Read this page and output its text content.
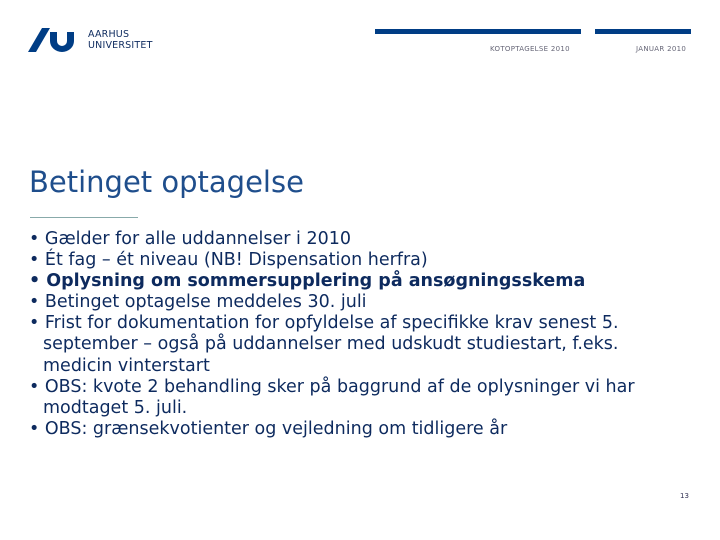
AARHUS
UNIVERSITET	KOTOPTAGELSE 2010	JANUAR 2010
Betinget optagelse
• Gælder for alle uddannelser i 2010
• Ét fag – ét niveau (NB! Dispensation herfra)
• Oplysning om sommersupplering på ansøgningsskema
• Betinget optagelse meddeles 30. juli
• Frist for dokumentation for opfyldelse af specifikke krav senest 5. september – også på uddannelser med udskudt studiestart, f.eks. medicin vinterstart
• OBS: kvote 2 behandling sker på baggrund af de oplysninger vi har modtaget 5. juli.
• OBS: grænsekvotienter og vejledning om tidligere år
13
